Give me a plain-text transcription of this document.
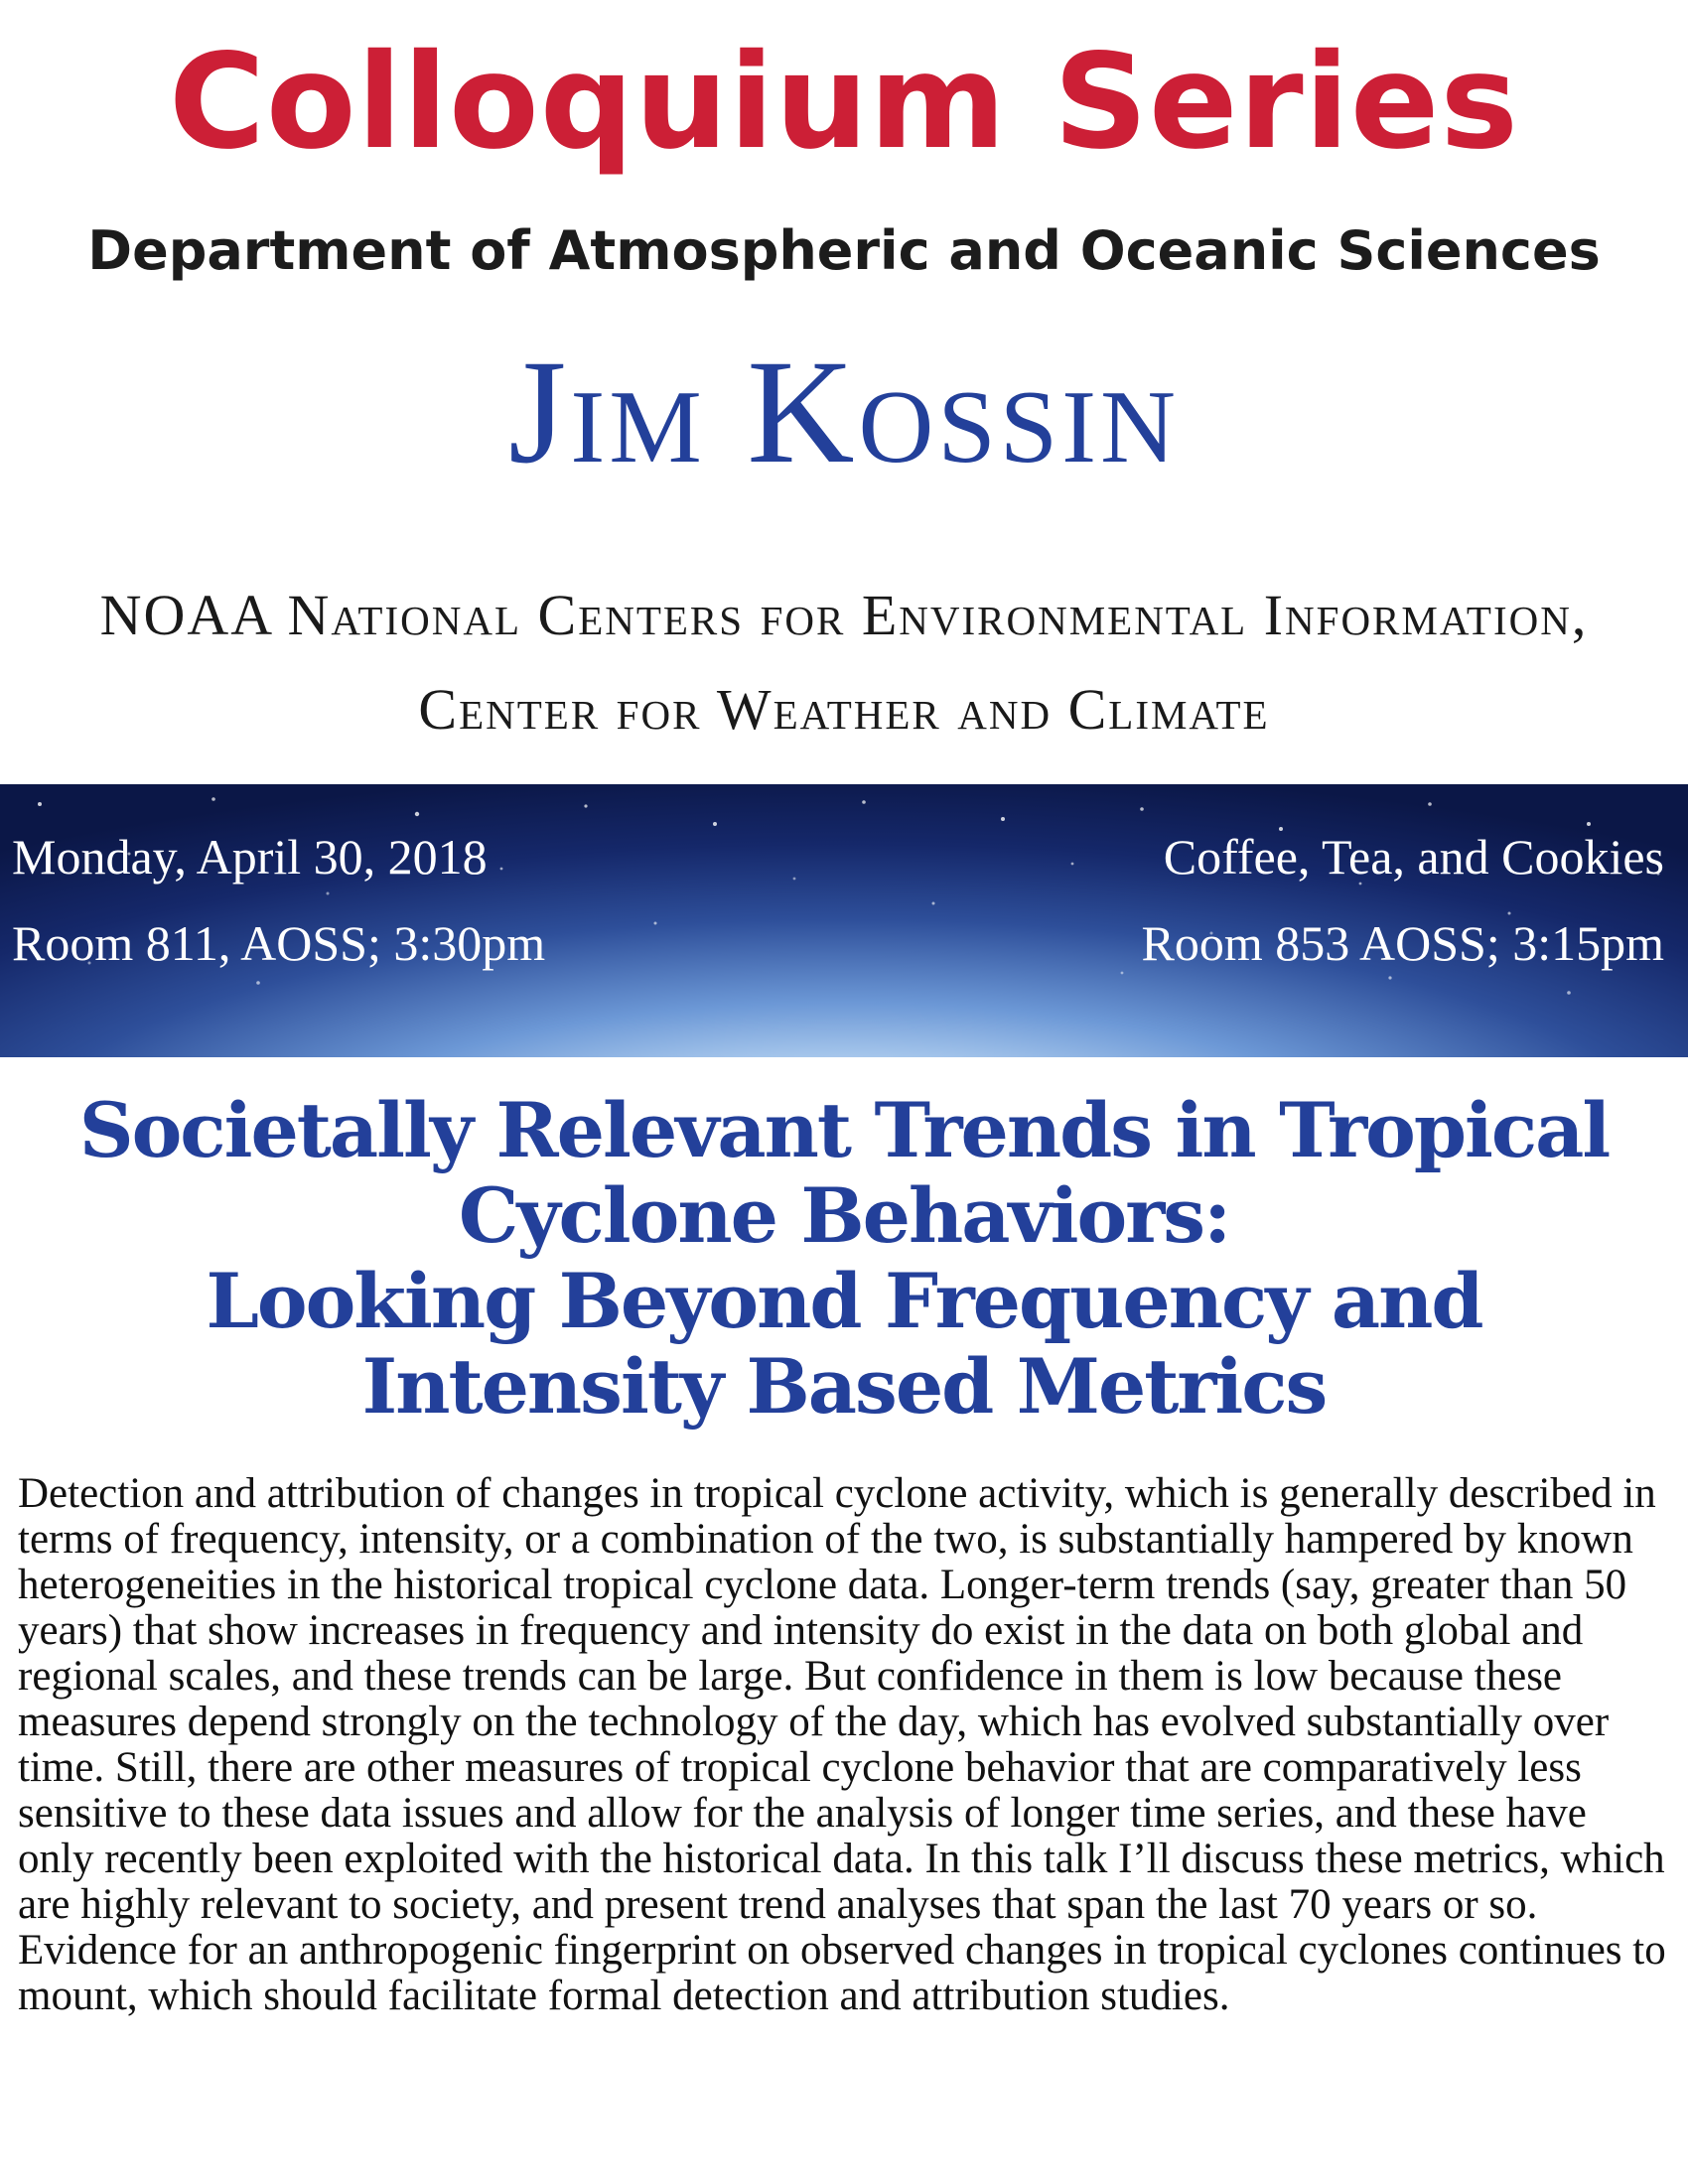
Colloquium Series
Department of Atmospheric and Oceanic Sciences
Jim Kossin
NOAA National Centers for Environmental Information,
Center for Weather and Climate
Monday, April 30, 2018
Room 811, AOSS; 3:30pm
Coffee, Tea, and Cookies
Room 853 AOSS; 3:15pm
Societally Relevant Trends in Tropical
Cyclone Behaviors:
Looking Beyond Frequency and
Intensity Based Metrics
Detection and attribution of changes in tropical cyclone activity, which is generally described in terms of frequency, intensity, or a combination of the two, is substantially hampered by known heterogeneities in the historical tropical cyclone data. Longer-term trends (say, greater than 50 years) that show increases in frequency and intensity do exist in the data on both global and regional scales, and these trends can be large. But confidence in them is low because these measures depend strongly on the technology of the day, which has evolved substantially over time. Still, there are other measures of tropical cyclone behavior that are comparatively less sensitive to these data issues and allow for the analysis of longer time series, and these have only recently been exploited with the historical data. In this talk I’ll discuss these metrics, which are highly relevant to society, and present trend analyses that span the last 70 years or so. Evidence for an anthropogenic fingerprint on observed changes in tropical cyclones continues to mount, which should facilitate formal detection and attribution studies.
